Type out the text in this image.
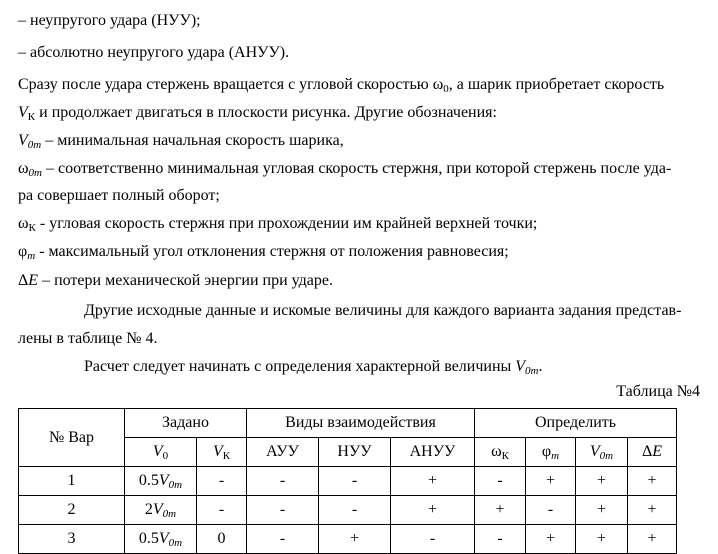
– неупругого удара (НУУ);
– абсолютно неупругого удара (АНУУ).
Сразу после удара стержень вращается с угловой скоростью $\omega_0$, а шарик приобретает скорость
$V_К$ и продолжает двигаться в плоскости рисунка. Другие обозначения:
$V_{0m}$ – минимальная начальная скорость шарика,
$\omega_{0m}$ – соответственно минимальная угловая скорость стержня, при которой стержень после уда-
ра совершает полный оборот;
$\omega_К$ - угловая скорость стержня при прохождении им крайней верхней точки;
$\varphi_m$ - максимальный угол отклонения стержня от положения равновесия;
ΔE – потери механической энергии при ударе.
Другие исходные данные и искомые величины для каждого варианта задания представ-
лены в таблице № 4.
Расчет следует начинать с определения характерной величины $V_{0m}$.
Таблица №4
№ Вар	Задано		Виды взаимодействия			Определить			
	$V_0$	$V_К$	АУУ	НУУ	АНУУ	$\omega_К$	$\varphi_m$	$V_{0m}$	ΔE
1	$0.5V_{0m}$	-	-	-	+	-	+	+	+
2	$2V_{0m}$	-	-	-	+	+	-	+	+
3	$0.5V_{0m}$	0	-	+	-	-	+	+	+
